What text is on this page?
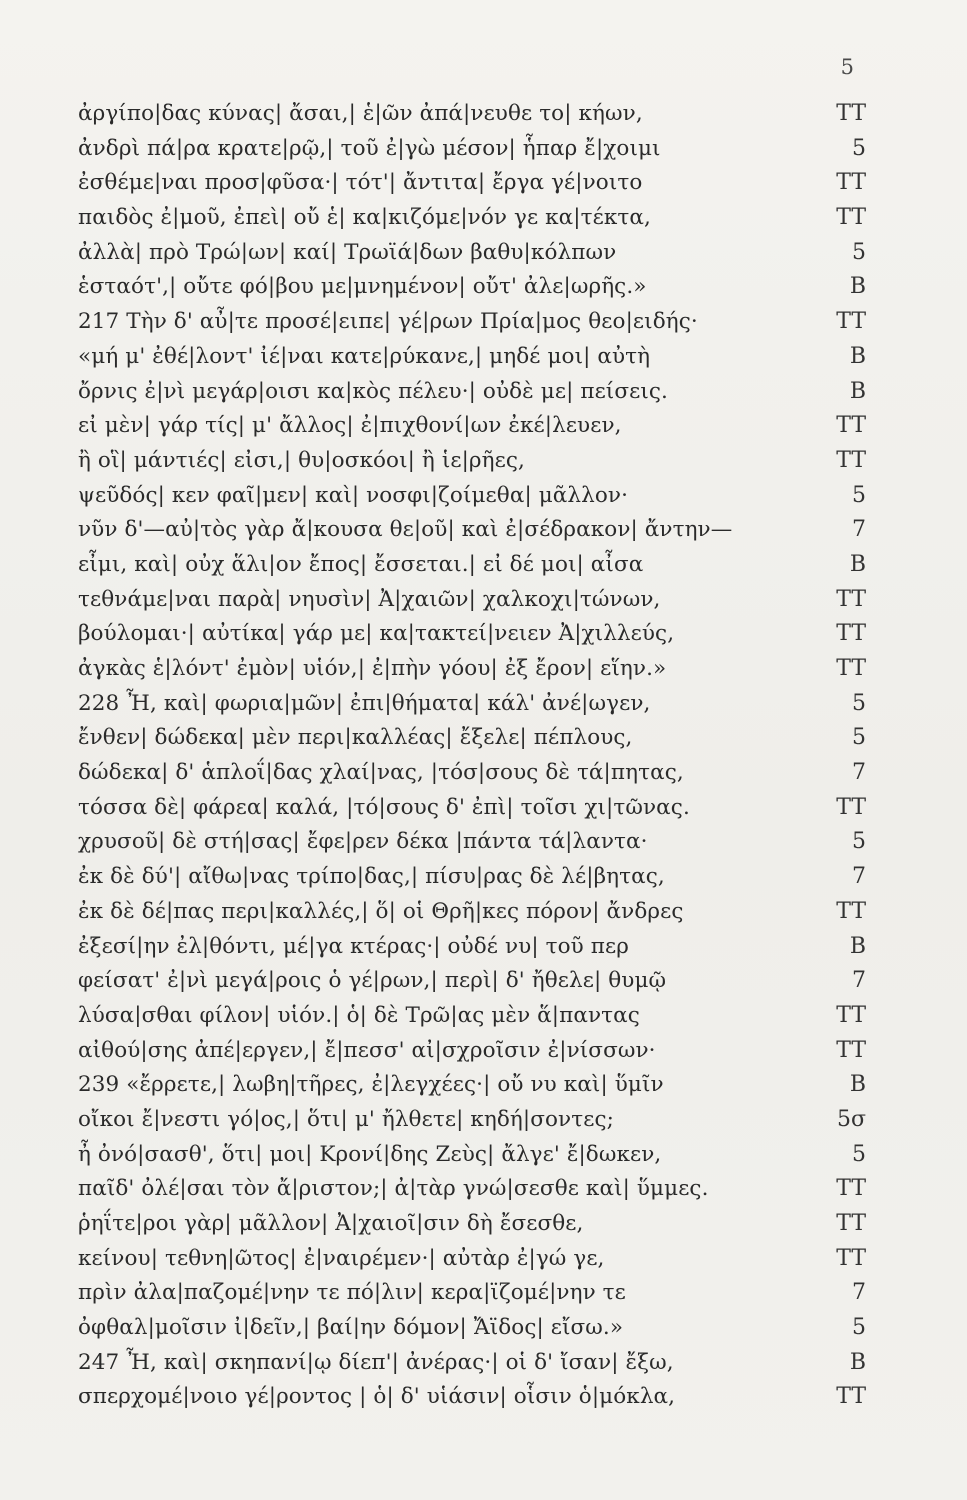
5
ἀργίπο|δας κύνας| ἄσαι,| ἑ|ῶν ἀπά|νευθε το| κήων,	TT
ἀνδρὶ πά|ρα κρατε|ρῷ,| τοῦ ἐ|γὼ μέσον| ἧπαρ ἔ|χοιμι	5
ἐσθέμε|ναι προσ|φῦσα·| τότ'| ἄντιτα| ἔργα γέ|νοιτο	TT
παιδὸς ἐ|μοῦ, ἐπεὶ| οὔ ἑ| κα|κιζόμε|νόν γε κα|τέκτα,	TT
ἀλλὰ| πρὸ Τρώ|ων| καί| Τρωϊά|δων βαθυ|κόλπων	5
ἑσταότ',| οὔτε φό|βου με|μνημένον| οὔτ' ἀλε|ωρῆς.»	B
217 Τὴν δ' αὖ|τε προσέ|ειπε| γέ|ρων Πρία|μος θεο|ειδής·	TT
«μή μ' ἐθέ|λοντ' ἰέ|ναι κατε|ρύκανε,| μηδέ μοι| αὐτὴ	B
ὄρνις ἐ|νὶ μεγάρ|οισι κα|κὸς πέλευ·| οὐδὲ με| πείσεις.	B
εἰ μὲν| γάρ τίς| μ' ἄλλος| ἐ|πιχθονί|ων ἐκέ|λευεν,	TT
ἢ οἳ| μάντιές| εἰσι,| θυ|οσκόοι| ἢ ἱε|ρῆες,	TT
ψεῦδός| κεν φαῖ|μεν| καὶ| νοσφι|ζοίμεθα| μᾶλλον·	5
νῦν δ'—αὐ|τὸς γὰρ ἄ|κουσα θε|οῦ| καὶ ἐ|σέδρακον| ἄντην—	7
εἶμι, καὶ| οὐχ ἅλι|ον ἔπος| ἔσσεται.| εἰ δέ μοι| αἶσα	B
τεθνάμε|ναι παρὰ| νηυσὶν| Ἀ|χαιῶν| χαλκοχι|τώνων,	TT
βούλομαι·| αὐτίκα| γάρ με| κα|τακτεί|νειεν Ἀ|χιλλεύς,	TT
ἀγκὰς ἑ|λόντ' ἐμὸν| υἱόν,| ἐ|πὴν γόου| ἐξ ἔρον| εἵην.»	TT
228 Ἦ, καὶ| φωρια|μῶν| ἐπι|θήματα| κάλ' ἀνέ|ωγεν,	5
ἔνθεν| δώδεκα| μὲν περι|καλλέας| ἔξελε| πέπλους,	5
δώδεκα| δ' ἁπλοΐ|δας χλαί|νας, |τόσ|σους δὲ τά|πητας,	7
τόσσα δὲ| φάρεα| καλά, |τό|σους δ' ἐπὶ| τοῖσι χι|τῶνας.	TT
χρυσοῦ| δὲ στή|σας| ἔφε|ρεν δέκα |πάντα τά|λαντα·	5
ἐκ δὲ δύ'| αἴθω|νας τρίπο|δας,| πίσυ|ρας δὲ λέ|βητας,	7
ἐκ δὲ δέ|πας περι|καλλές,| ὅ| οἱ Θρῆ|κες πόρον| ἄνδρες	TT
ἐξεσί|ην ἐλ|θόντι, μέ|γα κτέρας·| οὐδέ νυ| τοῦ περ	B
φείσατ' ἐ|νὶ μεγά|ροις ὁ γέ|ρων,| περὶ| δ' ἤθελε| θυμῷ	7
λύσα|σθαι φίλον| υἱόν.| ὁ| δὲ Τρῶ|ας μὲν ἅ|παντας	TT
αἰθού|σης ἀπέ|εργεν,| ἔ|πεσσ' αἰ|σχροῖσιν ἐ|νίσσων·	TT
239 «ἔρρετε,| λωβη|τῆρες, ἐ|λεγχέες·| οὔ νυ καὶ| ὕμῖν	B
οἴκοι ἔ|νεστι γό|ος,| ὅτι| μ' ἤλθετε| κηδή|σοντες;	5σ
ἦ ὀνό|σασθ', ὅτι| μοι| Κρονί|δης Ζεὺς| ἄλγε' ἔ|δωκεν,	5
παῖδ' ὀλέ|σαι τὸν ἄ|ριστον;| ἀ|τὰρ γνώ|σεσθε καὶ| ὕμμες.	TT
ῥηΐτε|ροι γὰρ| μᾶλλον| Ἀ|χαιοῖ|σιν δὴ ἔσεσθε,	TT
κείνου| τεθνη|ῶτος| ἐ|ναιρέμεν·| αὐτὰρ ἐ|γώ γε,	TT
πρὶν ἀλα|παζομέ|νην τε πό|λιν| κερα|ϊζομέ|νην τε	7
ὀφθαλ|μοῖσιν ἰ|δεῖν,| βαί|ην δόμον| Ἄϊδος| εἴσω.»	5
247 Ἦ, καὶ| σκηπανί|ῳ δίεπ'| ἀνέρας·| οἱ δ' ἴσαν| ἔξω,	B
σπερχομέ|νοιο γέ|ροντος | ὁ| δ' υἱάσιν| οἷσιν ὁ|μόκλα,	TT
